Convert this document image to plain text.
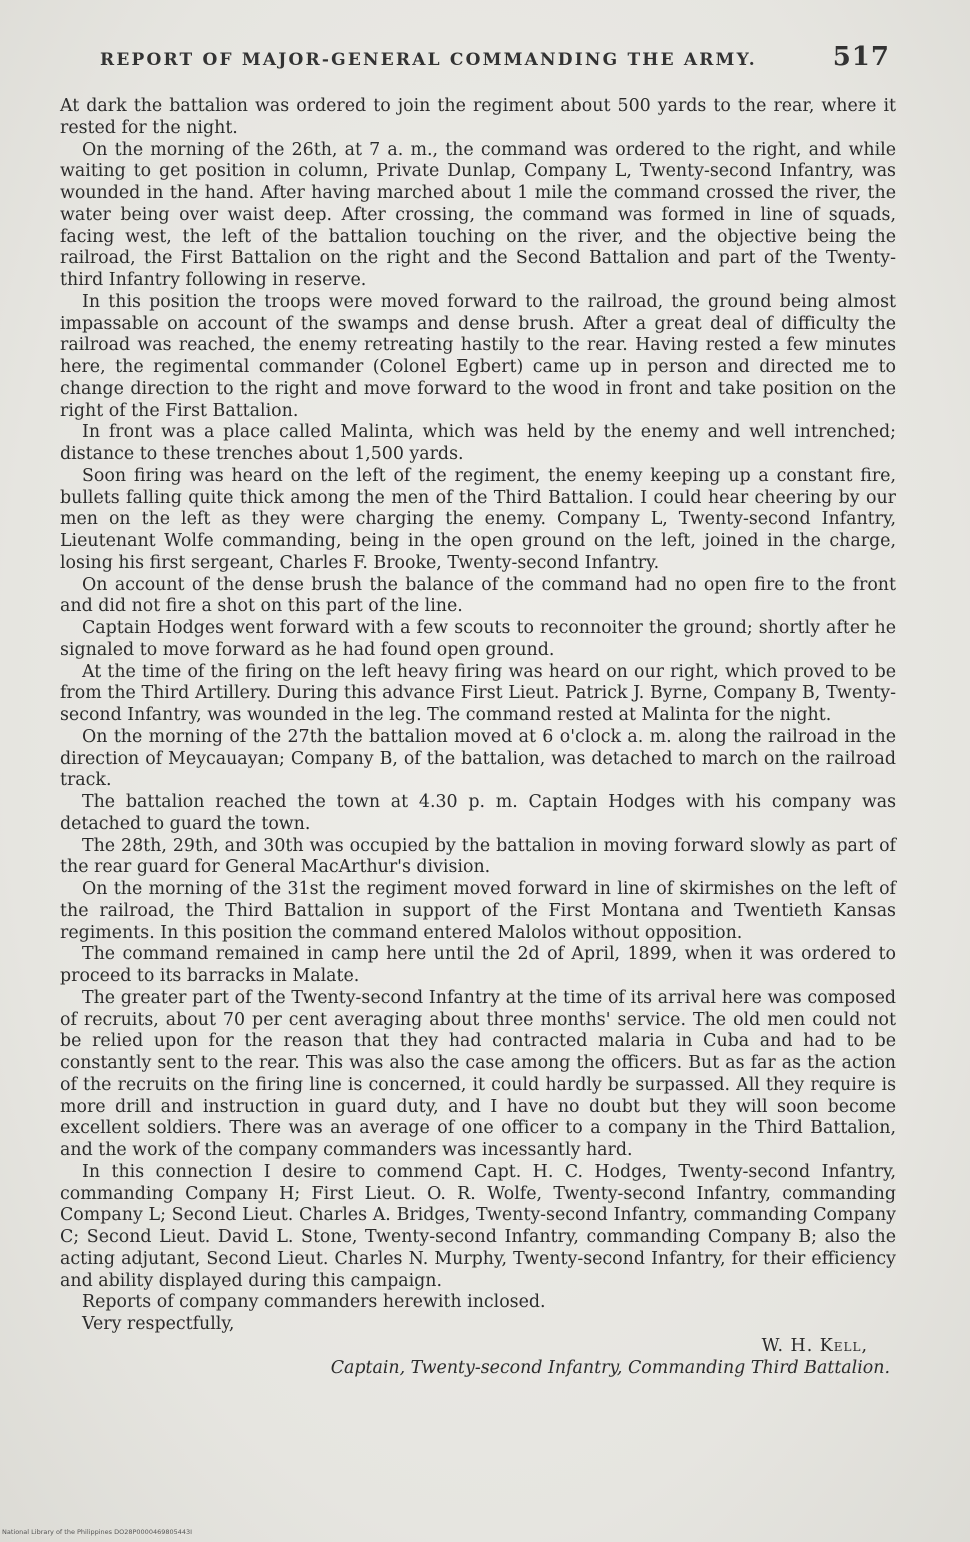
REPORT OF MAJOR-GENERAL COMMANDING THE ARMY.	517

At dark the battalion was ordered to join the regiment about 500 yards to the rear, where it rested for the night.

On the morning of the 26th, at 7 a. m., the command was ordered to the right, and while waiting to get position in column, Private Dunlap, Company L, Twenty-second Infantry, was wounded in the hand. After having marched about 1 mile the command crossed the river, the water being over waist deep. After crossing, the command was formed in line of squads, facing west, the left of the battalion touching on the river, and the objective being the railroad, the First Battalion on the right and the Second Battalion and part of the Twenty-third Infantry following in reserve.

In this position the troops were moved forward to the railroad, the ground being almost impassable on account of the swamps and dense brush. After a great deal of difficulty the railroad was reached, the enemy retreating hastily to the rear. Having rested a few minutes here, the regimental commander (Colonel Egbert) came up in person and directed me to change direction to the right and move forward to the wood in front and take position on the right of the First Battalion.

In front was a place called Malinta, which was held by the enemy and well intrenched; distance to these trenches about 1,500 yards.

Soon firing was heard on the left of the regiment, the enemy keeping up a constant fire, bullets falling quite thick among the men of the Third Battalion. I could hear cheering by our men on the left as they were charging the enemy. Company L, Twenty-second Infantry, Lieutenant Wolfe commanding, being in the open ground on the left, joined in the charge, losing his first sergeant, Charles F. Brooke, Twenty-second Infantry.

On account of the dense brush the balance of the command had no open fire to the front and did not fire a shot on this part of the line.

Captain Hodges went forward with a few scouts to reconnoiter the ground; shortly after he signaled to move forward as he had found open ground.

At the time of the firing on the left heavy firing was heard on our right, which proved to be from the Third Artillery. During this advance First Lieut. Patrick J. Byrne, Company B, Twenty-second Infantry, was wounded in the leg. The command rested at Malinta for the night.

On the morning of the 27th the battalion moved at 6 o'clock a. m. along the railroad in the direction of Meycauayan; Company B, of the battalion, was detached to march on the railroad track.

The battalion reached the town at 4.30 p. m. Captain Hodges with his company was detached to guard the town.

The 28th, 29th, and 30th was occupied by the battalion in moving forward slowly as part of the rear guard for General MacArthur's division.

On the morning of the 31st the regiment moved forward in line of skirmishes on the left of the railroad, the Third Battalion in support of the First Montana and Twentieth Kansas regiments. In this position the command entered Malolos without opposition.

The command remained in camp here until the 2d of April, 1899, when it was ordered to proceed to its barracks in Malate.

The greater part of the Twenty-second Infantry at the time of its arrival here was composed of recruits, about 70 per cent averaging about three months' service. The old men could not be relied upon for the reason that they had contracted malaria in Cuba and had to be constantly sent to the rear. This was also the case among the officers. But as far as the action of the recruits on the firing line is concerned, it could hardly be surpassed. All they require is more drill and instruction in guard duty, and I have no doubt but they will soon become excellent soldiers. There was an average of one officer to a company in the Third Battalion, and the work of the company commanders was incessantly hard.

In this connection I desire to commend Capt. H. C. Hodges, Twenty-second Infantry, commanding Company H; First Lieut. O. R. Wolfe, Twenty-second Infantry, commanding Company L; Second Lieut. Charles A. Bridges, Twenty-second Infantry, commanding Company C; Second Lieut. David L. Stone, Twenty-second Infantry, commanding Company B; also the acting adjutant, Second Lieut. Charles N. Murphy, Twenty-second Infantry, for their efficiency and ability displayed during this campaign.

Reports of company commanders herewith inclosed.

Very respectfully,

W. H. Kell,

Captain, Twenty-second Infantry, Commanding Third Battalion.

National Library of the Philippines DO28P0000469805443I
